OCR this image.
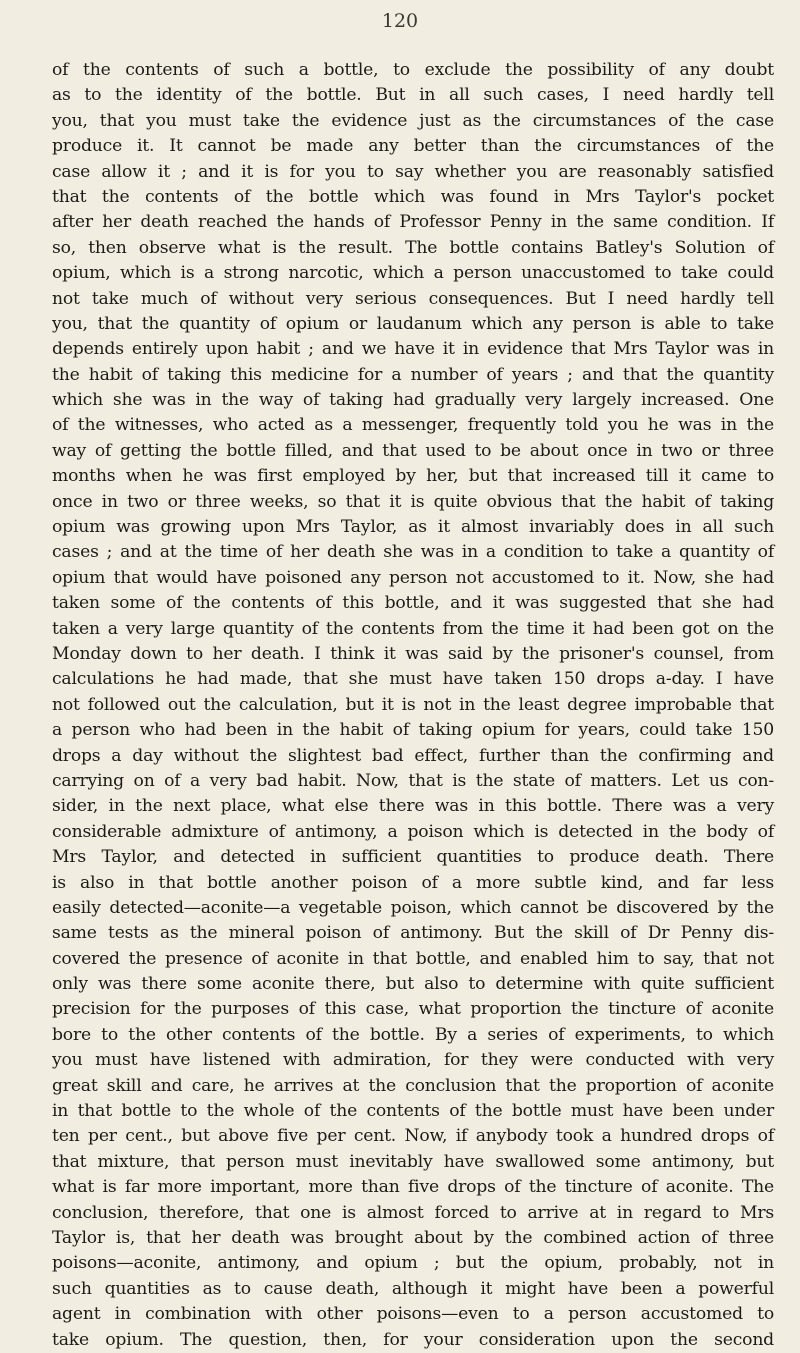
120
of the contents of such a bottle, to exclude the possibility of any doubt
as to the identity of the bottle. But in all such cases, I need hardly tell
you, that you must take the evidence just as the circumstances of the case
produce it. It cannot be made any better than the circumstances of the
case allow it ; and it is for you to say whether you are reasonably satisfied
that the contents of the bottle which was found in Mrs Taylor's pocket
after her death reached the hands of Professor Penny in the same condition. If
so, then observe what is the result. The bottle contains Batley's Solution of
opium, which is a strong narcotic, which a person unaccustomed to take could
not take much of without very serious consequences. But I need hardly tell
you, that the quantity of opium or laudanum which any person is able to take
depends entirely upon habit ; and we have it in evidence that Mrs Taylor was in
the habit of taking this medicine for a number of years ; and that the quantity
which she was in the way of taking had gradually very largely increased. One
of the witnesses, who acted as a messenger, frequently told you he was in the
way of getting the bottle filled, and that used to be about once in two or three
months when he was first employed by her, but that increased till it came to
once in two or three weeks, so that it is quite obvious that the habit of taking
opium was growing upon Mrs Taylor, as it almost invariably does in all such
cases ; and at the time of her death she was in a condition to take a quantity of
opium that would have poisoned any person not accustomed to it. Now, she had
taken some of the contents of this bottle, and it was suggested that she had
taken a very large quantity of the contents from the time it had been got on the
Monday down to her death. I think it was said by the prisoner's counsel, from
calculations he had made, that she must have taken 150 drops a-day. I have
not followed out the calculation, but it is not in the least degree improbable that
a person who had been in the habit of taking opium for years, could take 150
drops a day without the slightest bad effect, further than the confirming and
carrying on of a very bad habit. Now, that is the state of matters. Let us con-
sider, in the next place, what else there was in this bottle. There was a very
considerable admixture of antimony, a poison which is detected in the body of
Mrs Taylor, and detected in sufficient quantities to produce death. There
is also in that bottle another poison of a more subtle kind, and far less
easily detected—aconite—a vegetable poison, which cannot be discovered by the
same tests as the mineral poison of antimony. But the skill of Dr Penny dis-
covered the presence of aconite in that bottle, and enabled him to say, that not
only was there some aconite there, but also to determine with quite sufficient
precision for the purposes of this case, what proportion the tincture of aconite
bore to the other contents of the bottle. By a series of experiments, to which
you must have listened with admiration, for they were conducted with very
great skill and care, he arrives at the conclusion that the proportion of aconite
in that bottle to the whole of the contents of the bottle must have been under
ten per cent., but above five per cent. Now, if anybody took a hundred drops of
that mixture, that person must inevitably have swallowed some antimony, but
what is far more important, more than five drops of the tincture of aconite. The
conclusion, therefore, that one is almost forced to arrive at in regard to Mrs
Taylor is, that her death was brought about by the combined action of three
poisons—aconite, antimony, and opium ; but the opium, probably, not in
such quantities as to cause death, although it might have been a powerful
agent in combination with other poisons—even to a person accustomed to
take opium. The question, then, for your consideration upon the second
